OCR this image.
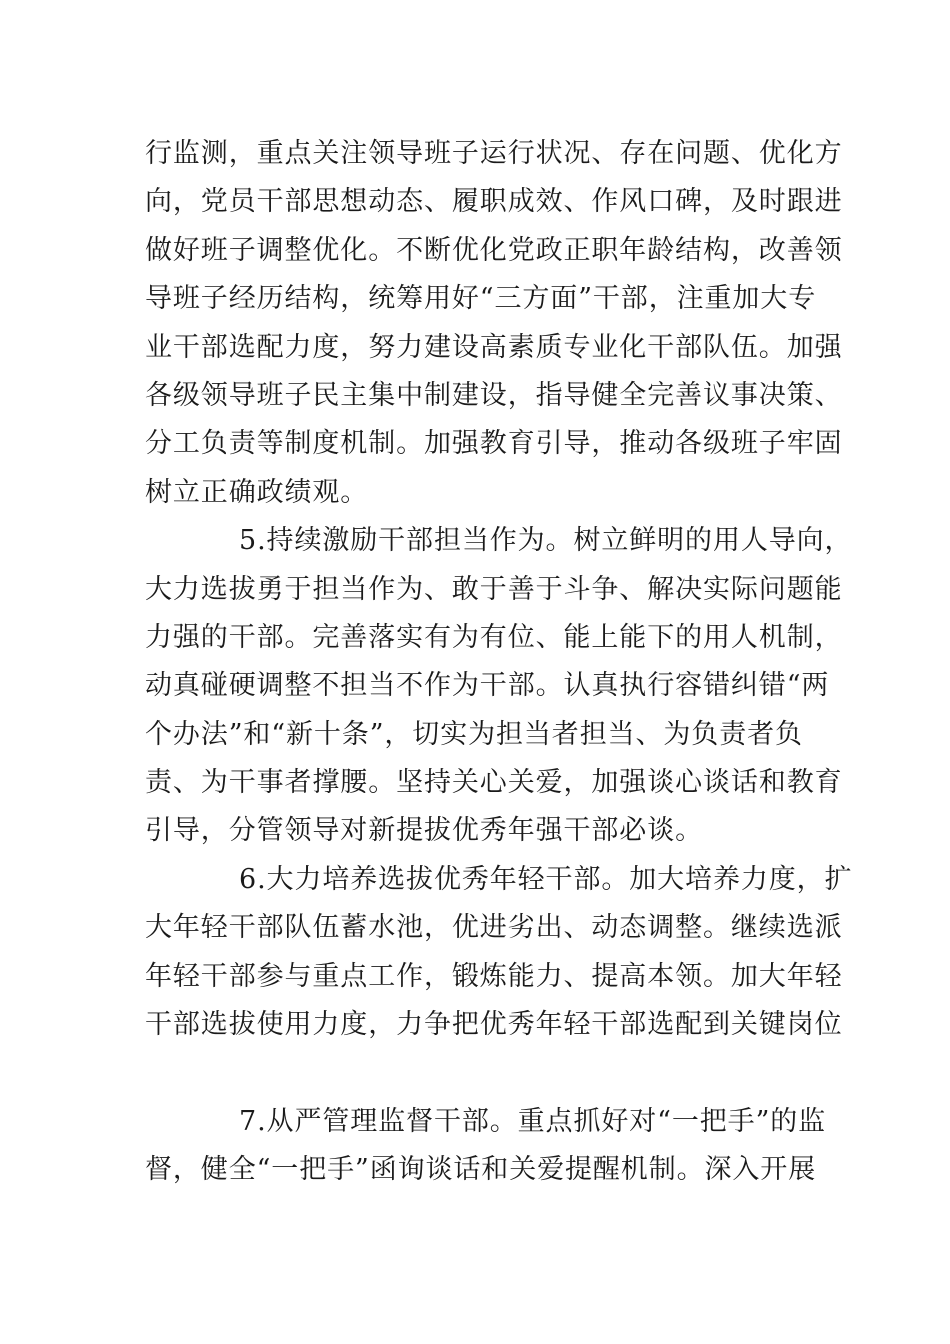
行监测，重点关注领导班子运行状况、存在问题、优化方
向，党员干部思想动态、履职成效、作风口碑，及时跟进
做好班子调整优化。不断优化党政正职年龄结构，改善领
导班子经历结构，统筹用好“三方面”干部，注重加大专
业干部选配力度，努力建设高素质专业化干部队伍。加强
各级领导班子民主集中制建设，指导健全完善议事决策、
分工负责等制度机制。加强教育引导，推动各级班子牢固
树立正确政绩观。
5.持续激励干部担当作为。树立鲜明的用人导向，
大力选拔勇于担当作为、敢于善于斗争、解决实际问题能
力强的干部。完善落实有为有位、能上能下的用人机制，
动真碰硬调整不担当不作为干部。认真执行容错纠错“两
个办法”和“新十条”，切实为担当者担当、为负责者负
责、为干事者撑腰。坚持关心关爱，加强谈心谈话和教育
引导，分管领导对新提拔优秀年强干部必谈。
6.大力培养选拔优秀年轻干部。加大培养力度，扩
大年轻干部队伍蓄水池，优进劣出、动态调整。继续选派
年轻干部参与重点工作，锻炼能力、提高本领。加大年轻
干部选拔使用力度，力争把优秀年轻干部选配到关键岗位
7.从严管理监督干部。重点抓好对“一把手”的监
督，健全“一把手”函询谈话和关爱提醒机制。深入开展
